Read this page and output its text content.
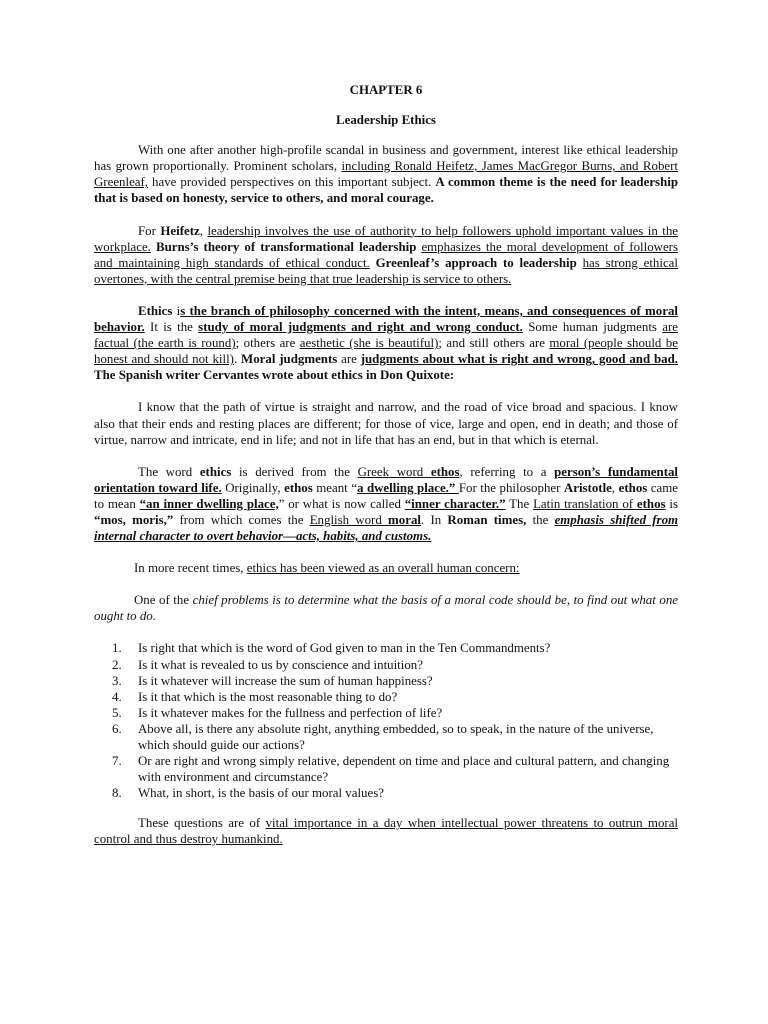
CHAPTER 6
Leadership Ethics

With one after another high-profile scandal in business and government, interest like ethical leadership has grown proportionally. Prominent scholars, including Ronald Heifetz, James MacGregor Burns, and Robert Greenleaf, have provided perspectives on this important subject. A common theme is the need for leadership that is based on honesty, service to others, and moral courage.

For Heifetz, leadership involves the use of authority to help followers uphold important values in the workplace. Burns’s theory of transformational leadership emphasizes the moral development of followers and maintaining high standards of ethical conduct. Greenleaf’s approach to leadership has strong ethical overtones, with the central premise being that true leadership is service to others.

Ethics is the branch of philosophy concerned with the intent, means, and consequences of moral behavior. It is the study of moral judgments and right and wrong conduct. Some human judgments are factual (the earth is round); others are aesthetic (she is beautiful); and still others are moral (people should be honest and should not kill). Moral judgments are judgments about what is right and wrong, good and bad. The Spanish writer Cervantes wrote about ethics in Don Quixote:

I know that the path of virtue is straight and narrow, and the road of vice broad and spacious. I know also that their ends and resting places are different; for those of vice, large and open, end in death; and those of virtue, narrow and intricate, end in life; and not in life that has an end, but in that which is eternal.

The word ethics is derived from the Greek word ethos, referring to a person’s fundamental orientation toward life. Originally, ethos meant “a dwelling place.” For the philosopher Aristotle, ethos came to mean “an inner dwelling place,” or what is now called “inner character.” The Latin translation of ethos is “mos, moris,” from which comes the English word moral. In Roman times, the emphasis shifted from internal character to overt behavior—acts, habits, and customs.

In more recent times, ethics has been viewed as an overall human concern:

One of the chief problems is to determine what the basis of a moral code should be, to find out what one ought to do.

1. Is right that which is the word of God given to man in the Ten Commandments?
2. Is it what is revealed to us by conscience and intuition?
3. Is it whatever will increase the sum of human happiness?
4. Is it that which is the most reasonable thing to do?
5. Is it whatever makes for the fullness and perfection of life?
6. Above all, is there any absolute right, anything embedded, so to speak, in the nature of the universe, which should guide our actions?
7. Or are right and wrong simply relative, dependent on time and place and cultural pattern, and changing with environment and circumstance?
8. What, in short, is the basis of our moral values?

These questions are of vital importance in a day when intellectual power threatens to outrun moral control and thus destroy humankind.
